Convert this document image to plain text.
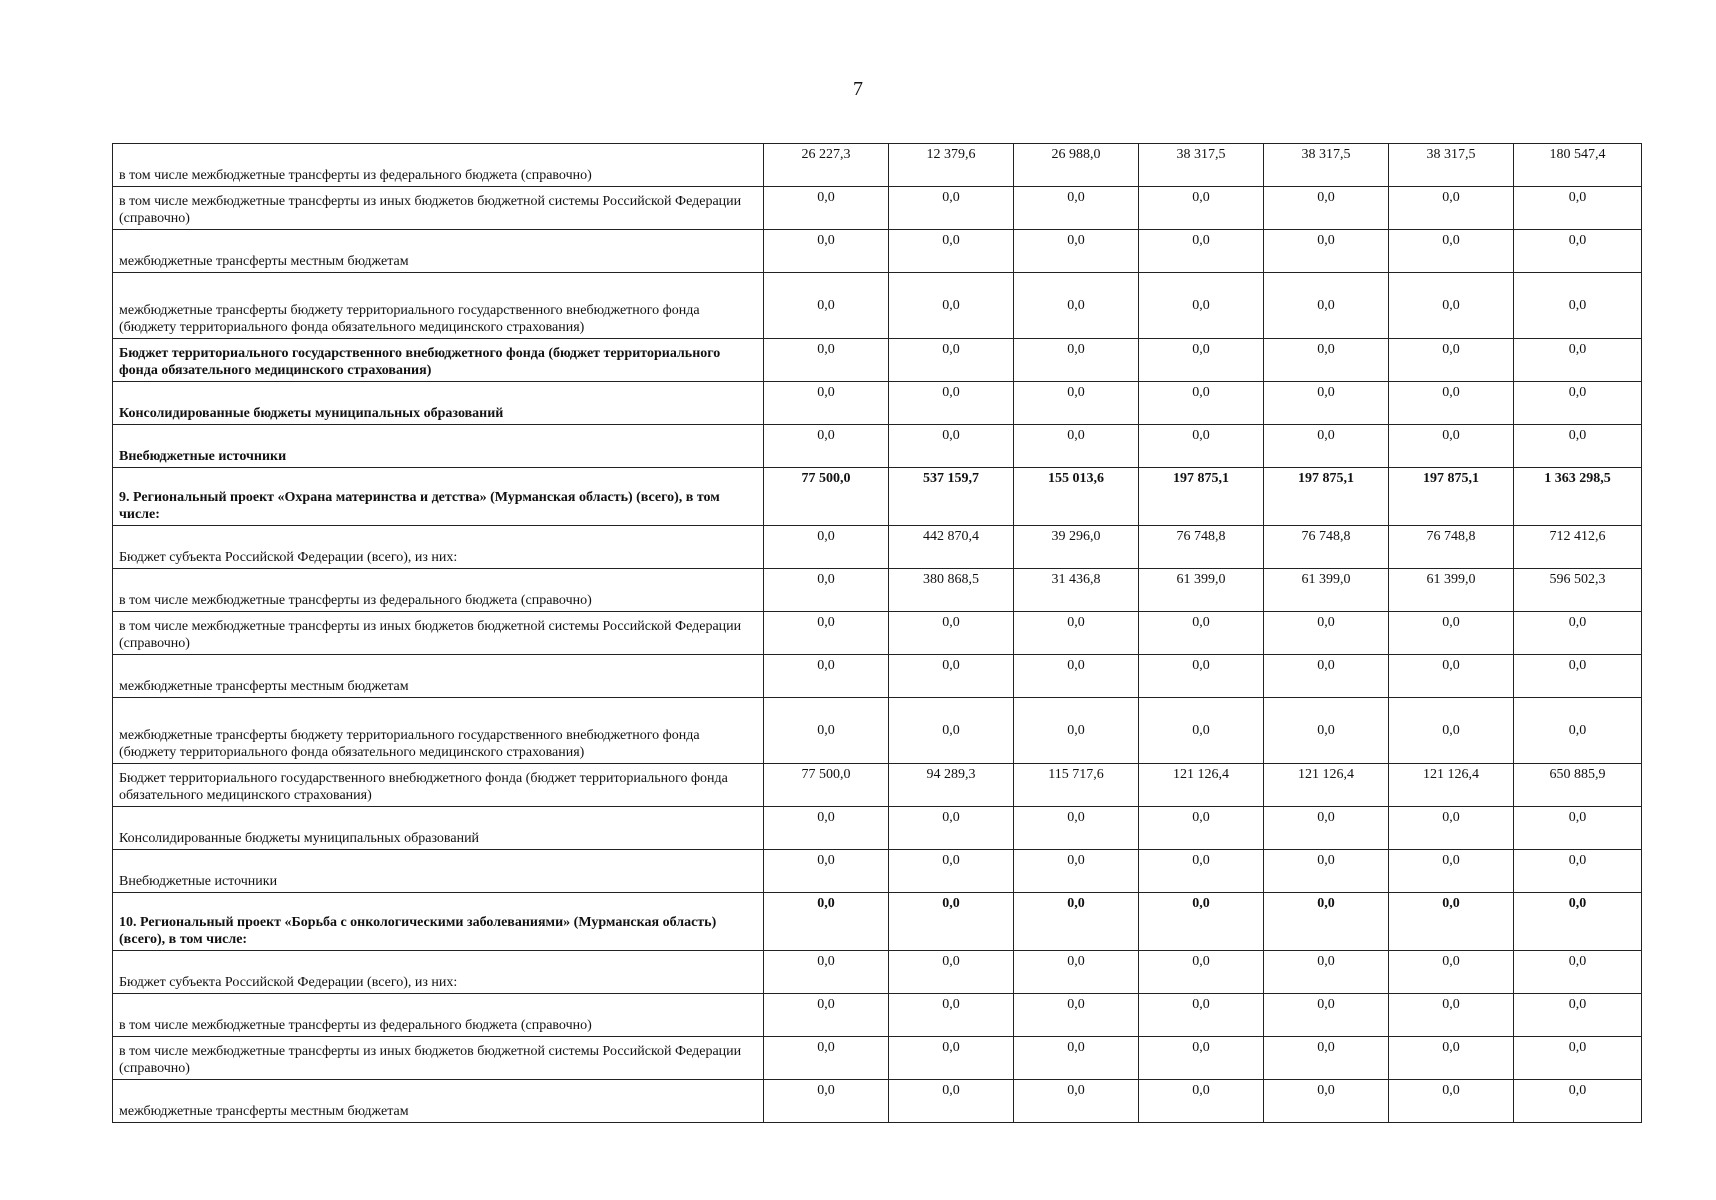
7
в том числе межбюджетные трансферты из федерального бюджета (справочно)	26 227,3	12 379,6	26 988,0	38 317,5	38 317,5	38 317,5	180 547,4
в том числе межбюджетные трансферты из иных бюджетов бюджетной системы Российской Федерации (справочно)	0,0	0,0	0,0	0,0	0,0	0,0	0,0
межбюджетные трансферты местным бюджетам	0,0	0,0	0,0	0,0	0,0	0,0	0,0
межбюджетные трансферты бюджету территориального государственного внебюджетного фонда (бюджету территориального фонда обязательного медицинского страхования)	0,0	0,0	0,0	0,0	0,0	0,0	0,0
Бюджет территориального государственного внебюджетного фонда (бюджет территориального фонда обязательного медицинского страхования)	0,0	0,0	0,0	0,0	0,0	0,0	0,0
Консолидированные бюджеты муниципальных образований	0,0	0,0	0,0	0,0	0,0	0,0	0,0
Внебюджетные источники	0,0	0,0	0,0	0,0	0,0	0,0	0,0
9. Региональный проект «Охрана материнства и детства» (Мурманская область) (всего), в том числе:	77 500,0	537 159,7	155 013,6	197 875,1	197 875,1	197 875,1	1 363 298,5
Бюджет субъекта Российской Федерации (всего), из них:	0,0	442 870,4	39 296,0	76 748,8	76 748,8	76 748,8	712 412,6
в том числе межбюджетные трансферты из федерального бюджета (справочно)	0,0	380 868,5	31 436,8	61 399,0	61 399,0	61 399,0	596 502,3
в том числе межбюджетные трансферты из иных бюджетов бюджетной системы Российской Федерации (справочно)	0,0	0,0	0,0	0,0	0,0	0,0	0,0
межбюджетные трансферты местным бюджетам	0,0	0,0	0,0	0,0	0,0	0,0	0,0
межбюджетные трансферты бюджету территориального государственного внебюджетного фонда (бюджету территориального фонда обязательного медицинского страхования)	0,0	0,0	0,0	0,0	0,0	0,0	0,0
Бюджет территориального государственного внебюджетного фонда (бюджет территориального фонда обязательного медицинского страхования)	77 500,0	94 289,3	115 717,6	121 126,4	121 126,4	121 126,4	650 885,9
Консолидированные бюджеты муниципальных образований	0,0	0,0	0,0	0,0	0,0	0,0	0,0
Внебюджетные источники	0,0	0,0	0,0	0,0	0,0	0,0	0,0
10. Региональный проект «Борьба с онкологическими заболеваниями» (Мурманская область) (всего), в том числе:	0,0	0,0	0,0	0,0	0,0	0,0	0,0
Бюджет субъекта Российской Федерации (всего), из них:	0,0	0,0	0,0	0,0	0,0	0,0	0,0
в том числе межбюджетные трансферты из федерального бюджета (справочно)	0,0	0,0	0,0	0,0	0,0	0,0	0,0
в том числе межбюджетные трансферты из иных бюджетов бюджетной системы Российской Федерации (справочно)	0,0	0,0	0,0	0,0	0,0	0,0	0,0
межбюджетные трансферты местным бюджетам	0,0	0,0	0,0	0,0	0,0	0,0	0,0
